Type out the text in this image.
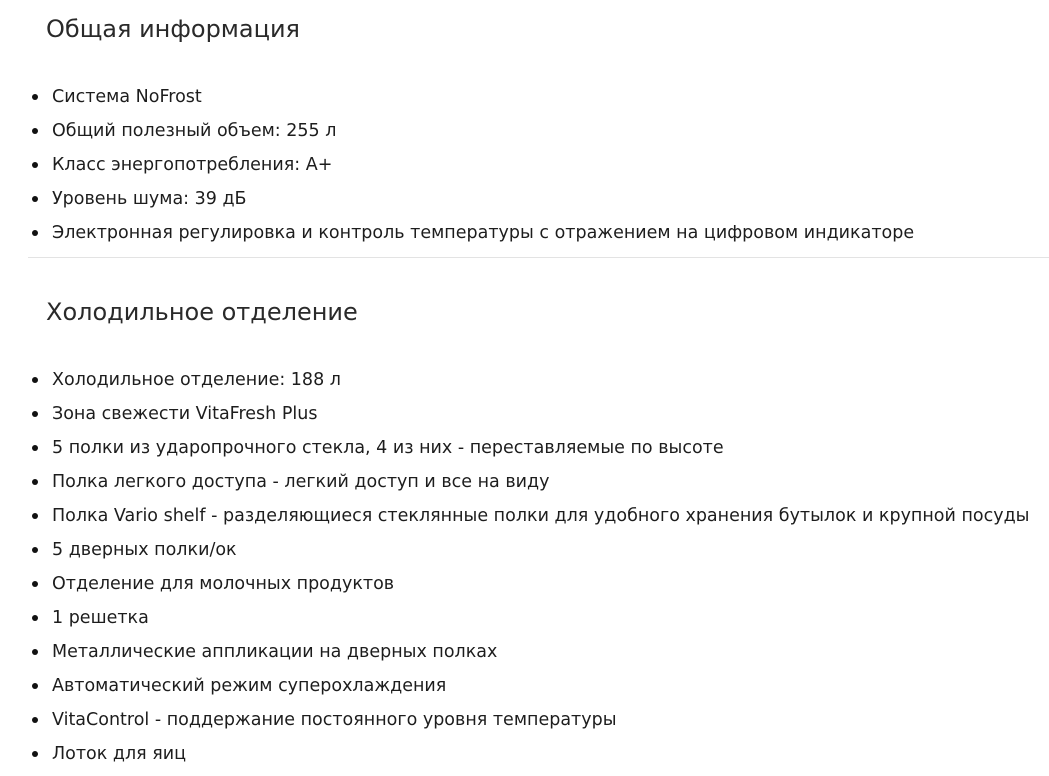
Общая информация
Система NoFrost
Общий полезный объем: 255 л
Класс энергопотребления: А+
Уровень шума: 39 дБ
Электронная регулировка и контроль температуры с отражением на цифровом индикаторе
Холодильное отделение
Холодильное отделение: 188 л
Зона свежести VitaFresh Plus
5 полки из ударопрочного стекла, 4 из них - переставляемые по высоте
Полка легкого доступа - легкий доступ и все на виду
Полка Vario shelf - разделяющиеся стеклянные полки для удобного хранения бутылок и крупной посуды
5 дверных полки/ок
Отделение для молочных продуктов
1 решетка
Металлические аппликации на дверных полках
Автоматический режим суперохлаждения
VitaControl - поддержание постоянного уровня температуры
Лоток для яиц
